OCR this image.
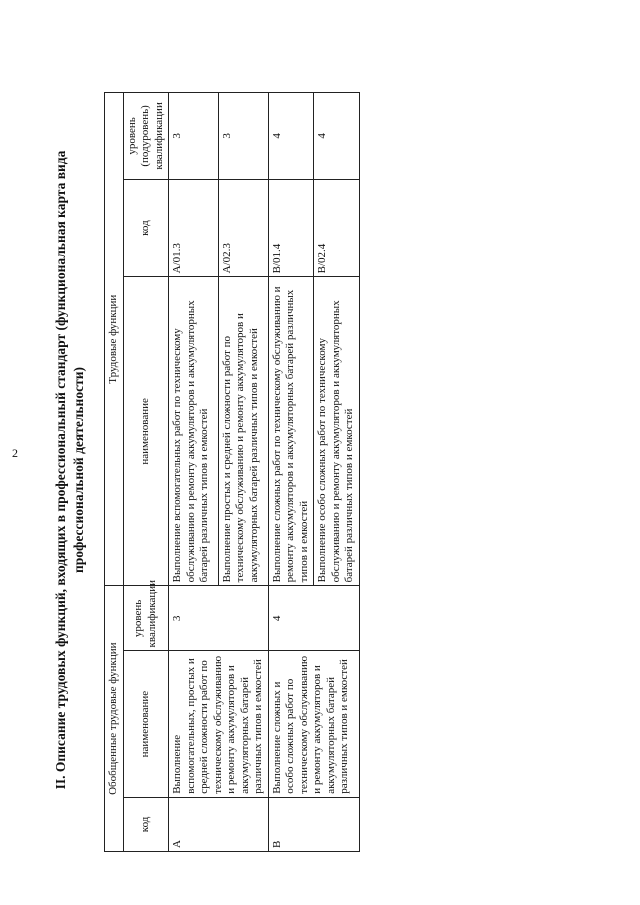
2	II. Описание трудовых функций, входящих в профессиональный стандарт (функциональная карта вида профессиональной деятельности)
Обобщенные трудовые функции			Трудовые функции		
код	наименование	уровень квалификации	наименование	код	уровень (подуровень) квалификации
A	Выполнение вспомогательных, простых и средней сложности работ по техническому обслуживанию и ремонту аккумуляторов и аккумуляторных батарей различных типов и емкостей	3	Выполнение вспомогательных работ по техническому обслуживанию и ремонту аккумуляторов и аккумуляторных батарей различных типов и емкостей	A/01.3	3
			Выполнение простых и средней сложности работ по техническому обслуживанию и ремонту аккумуляторов и аккумуляторных батарей различных типов и емкостей	A/02.3	3
B	Выполнение сложных и особо сложных работ по техническому обслуживанию и ремонту аккумуляторов и аккумуляторных батарей различных типов и емкостей	4	Выполнение сложных работ по техническому обслуживанию и ремонту аккумуляторов и аккумуляторных батарей различных типов и емкостей	B/01.4	4
			Выполнение особо сложных работ по техническому обслуживанию и ремонту аккумуляторов и аккумуляторных батарей различных типов и емкостей	B/02.4	4
